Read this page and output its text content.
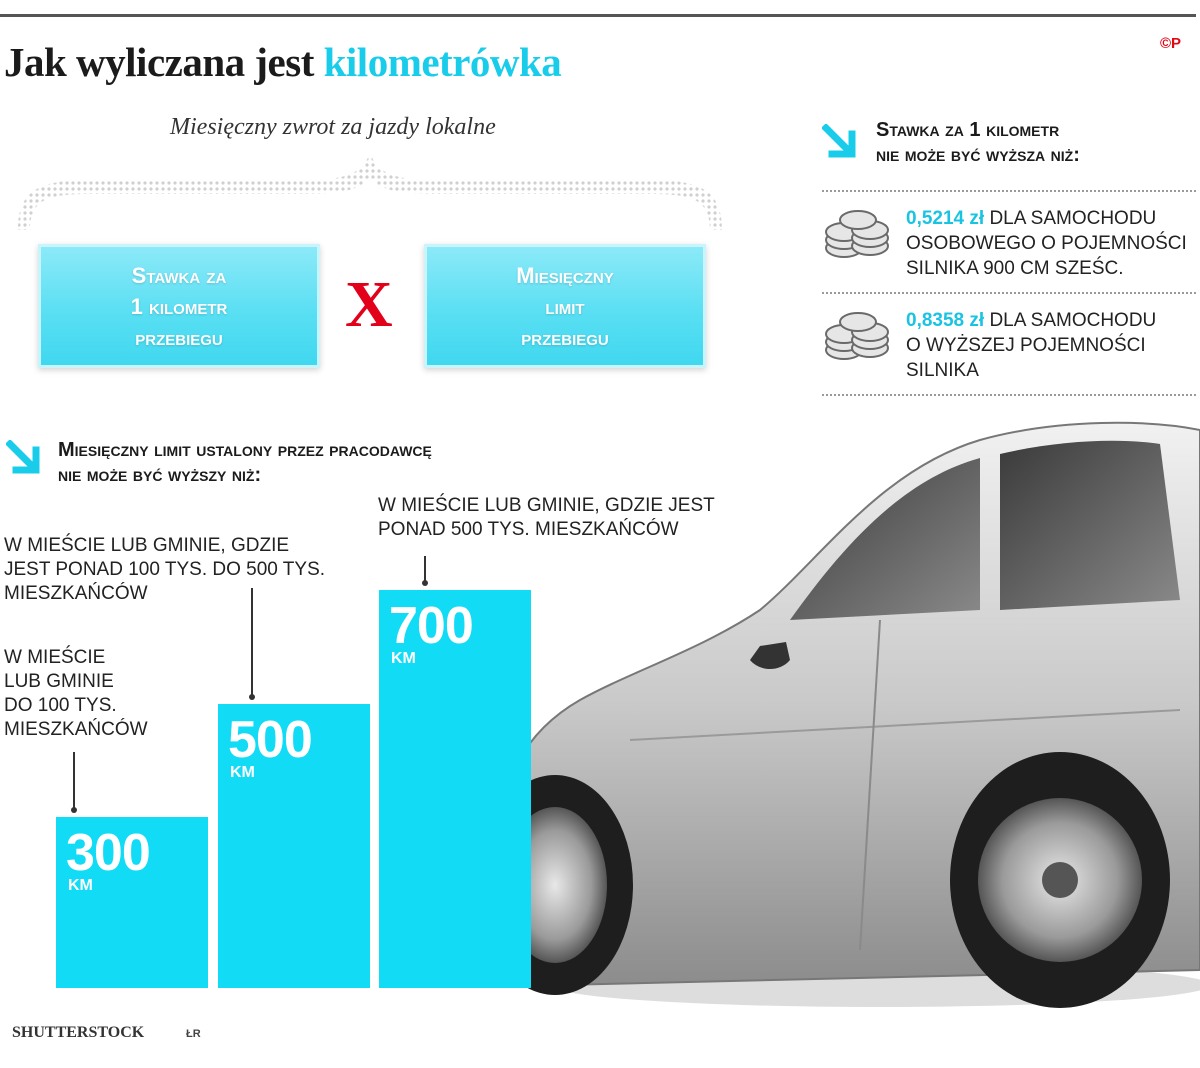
Jak wyliczana jest kilometrówka	©P
Miesięczny zwrot za jazdy lokalne
Stawka za
1 kilometr
przebiegu X	Miesięczny
limit
przebiegu
Stawka za 1 kilometr
nie może być wyższa niż:
0,5214 zł DLA SAMOCHODU
OSOBOWEGO O POJEMNOŚCI
SILNIKA 900 CM SZEŚC.
0,8358 zł DLA SAMOCHODU
O WYŻSZEJ POJEMNOŚCI
SILNIKA
Miesięczny limit ustalony przez pracodawcę
nie może być wyższy niż:
W MIEŚCIE
LUB GMINIE
DO 100 TYS.
MIESZKAŃCÓW
W MIEŚCIE LUB GMINIE, GDZIE
JEST PONAD 100 TYS. DO 500 TYS.
MIESZKAŃCÓW
W MIEŚCIE LUB GMINIE, GDZIE JEST
PONAD 500 TYS. MIESZKAŃCÓW
300
KM
500
KM
700
KM
SHUTTERSTOCK	ŁR
